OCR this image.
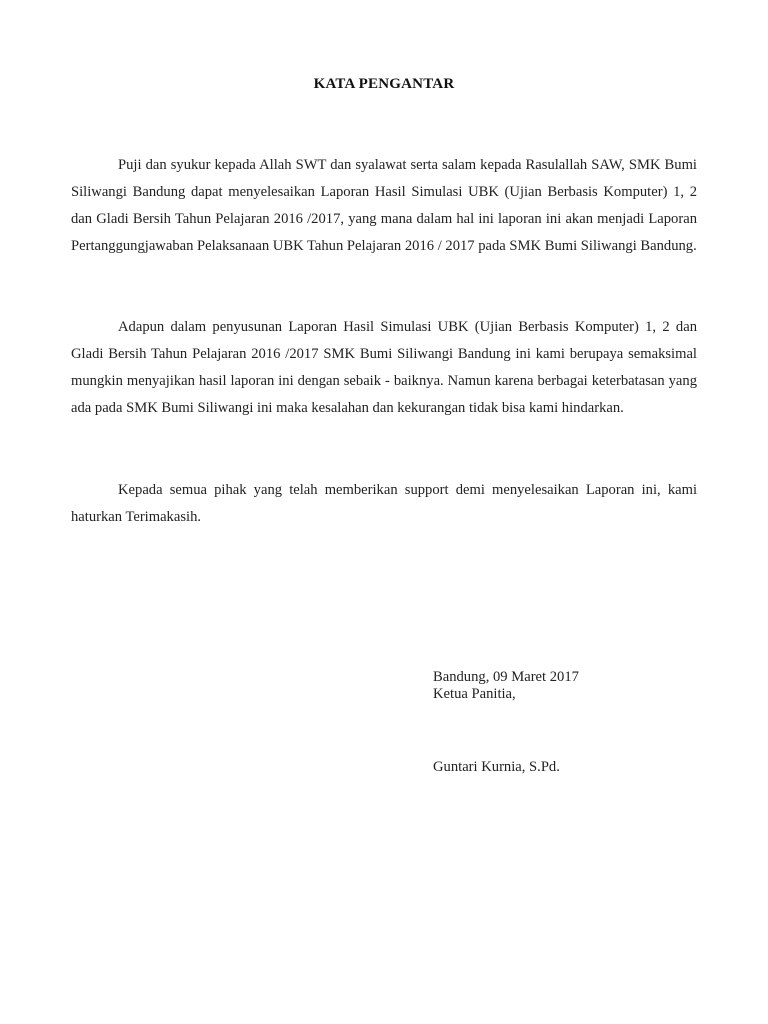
KATA PENGANTAR

Puji dan syukur kepada Allah SWT dan syalawat serta salam kepada Rasulallah SAW, SMK Bumi Siliwangi Bandung dapat menyelesaikan Laporan Hasil Simulasi UBK (Ujian Berbasis Komputer) 1, 2 dan Gladi Bersih Tahun Pelajaran 2016 /2017, yang mana dalam hal ini laporan ini akan menjadi Laporan Pertanggungjawaban Pelaksanaan UBK Tahun Pelajaran 2016 / 2017 pada SMK Bumi Siliwangi Bandung.

Adapun dalam penyusunan Laporan Hasil Simulasi UBK (Ujian Berbasis Komputer) 1, 2 dan Gladi Bersih Tahun Pelajaran 2016 /2017 SMK Bumi Siliwangi Bandung ini kami berupaya semaksimal mungkin menyajikan hasil laporan ini dengan sebaik - baiknya. Namun karena berbagai keterbatasan yang ada pada SMK Bumi Siliwangi ini maka kesalahan dan kekurangan tidak bisa kami hindarkan.

Kepada semua pihak yang telah memberikan support demi menyelesaikan Laporan ini, kami haturkan Terimakasih.

Bandung, 09 Maret 2017
Ketua Panitia,
Guntari Kurnia, S.Pd.
